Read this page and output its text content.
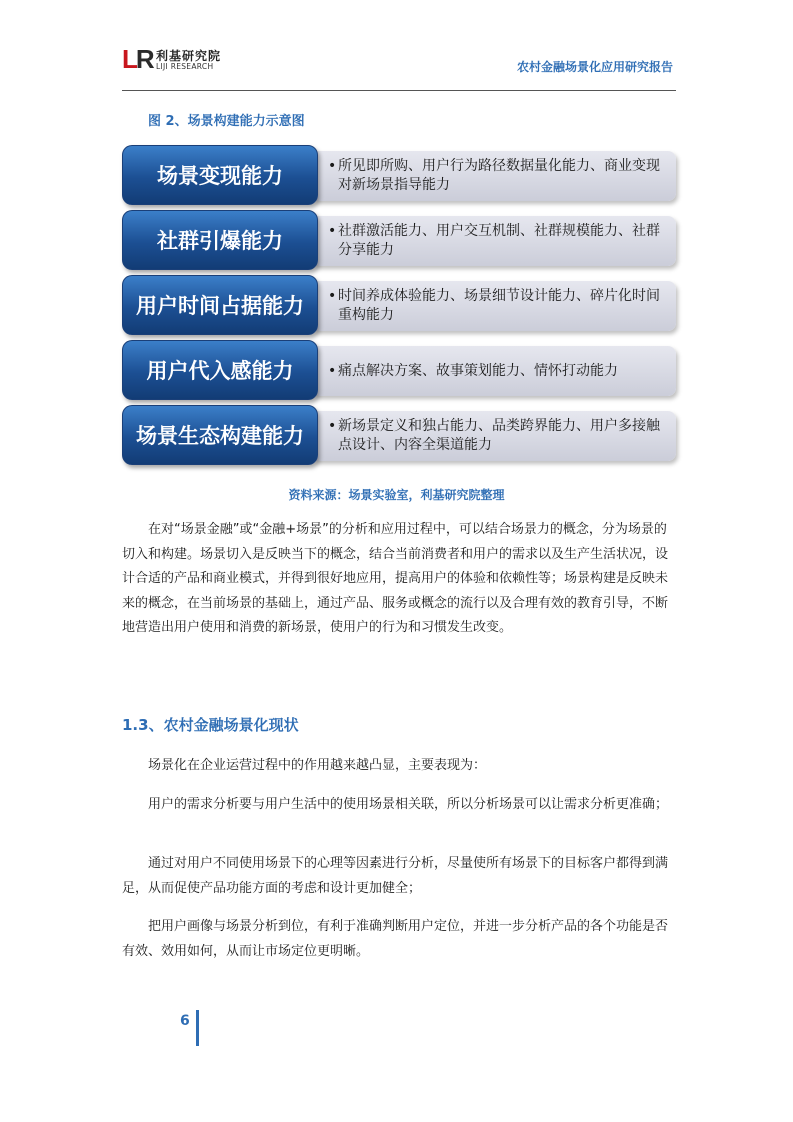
LR 利基研究院
LIJI RESEARCH	农村金融场景化应用研究报告
图 2、场景构建能力示意图
• 所见即所购、用户行为路径数据量化能力、商业变现对新场景指导能力
场景变现能力
• 社群激活能力、用户交互机制、社群规模能力、社群分享能力
社群引爆能力
• 时间养成体验能力、场景细节设计能力、碎片化时间重构能力
用户时间占据能力
• 痛点解决方案、故事策划能力、情怀打动能力
用户代入感能力
• 新场景定义和独占能力、品类跨界能力、用户多接触点设计、内容全渠道能力
场景生态构建能力
资料来源：场景实验室，利基研究院整理

在对“场景金融”或“金融+场景”的分析和应用过程中，可以结合场景力的概念，分为场景的切入和构建。场景切入是反映当下的概念，结合当前消费者和用户的需求以及生产生活状况，设计合适的产品和商业模式，并得到很好地应用，提高用户的体验和依赖性等；场景构建是反映未来的概念，在当前场景的基础上，通过产品、服务或概念的流行以及合理有效的教育引导，不断地营造出用户使用和消费的新场景，使用户的行为和习惯发生改变。

1.3、农村金融场景化现状

场景化在企业运营过程中的作用越来越凸显，主要表现为：

用户的需求分析要与用户生活中的使用场景相关联，所以分析场景可以让需求分析更准确；

通过对用户不同使用场景下的心理等因素进行分析，尽量使所有场景下的目标客户都得到满足，从而促使产品功能方面的考虑和设计更加健全；

把用户画像与场景分析到位，有利于准确判断用户定位，并进一步分析产品的各个功能是否有效、效用如何，从而让市场定位更明晰。

6
